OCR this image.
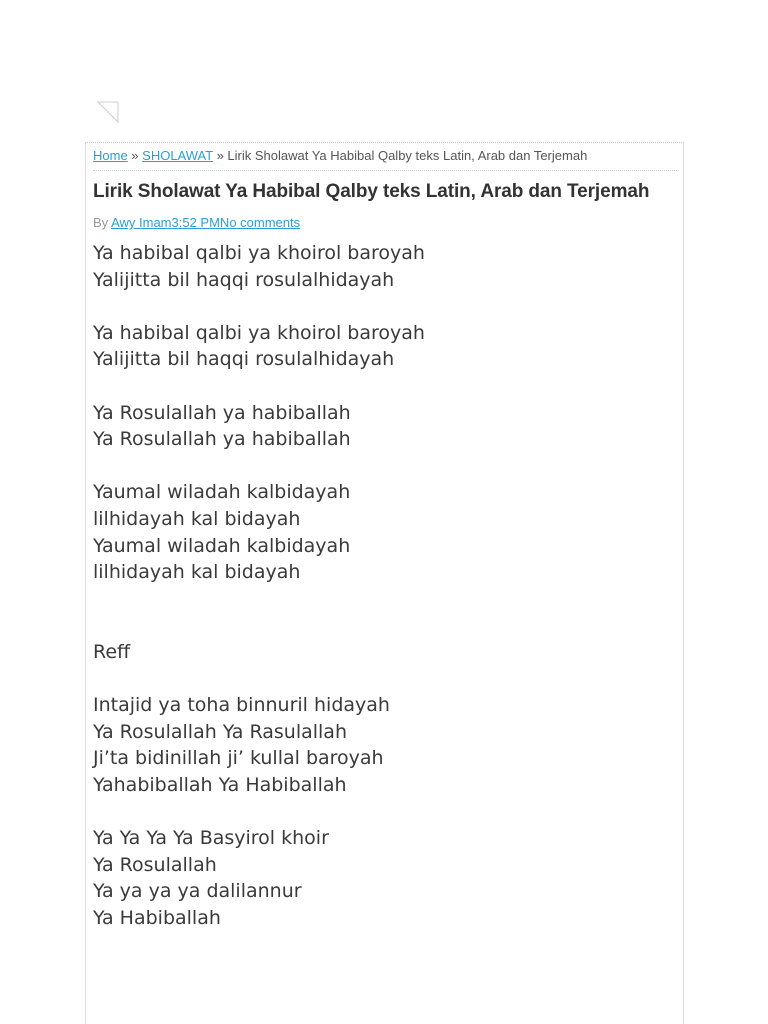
Home » SHOLAWAT » Lirik Sholawat Ya Habibal Qalby teks Latin, Arab dan Terjemah
Lirik Sholawat Ya Habibal Qalby teks Latin, Arab dan Terjemah
By Awy Imam3:52 PMNo comments
Ya habibal qalbi ya khoirol baroyah
Yalijitta bil haqqi rosulalhidayah
Ya habibal qalbi ya khoirol baroyah
Yalijitta bil haqqi rosulalhidayah
Ya Rosulallah ya habiballah
Ya Rosulallah ya habiballah
Yaumal wiladah kalbidayah
lilhidayah kal bidayah
Yaumal wiladah kalbidayah
lilhidayah kal bidayah
Reff
Intajid ya toha binnuril hidayah
Ya Rosulallah Ya Rasulallah
Ji’ta bidinillah ji’ kullal baroyah
Yahabiballah Ya Habiballah
Ya Ya Ya Ya Basyirol khoir
Ya Rosulallah
Ya ya ya ya dalilannur
Ya Habiballah
